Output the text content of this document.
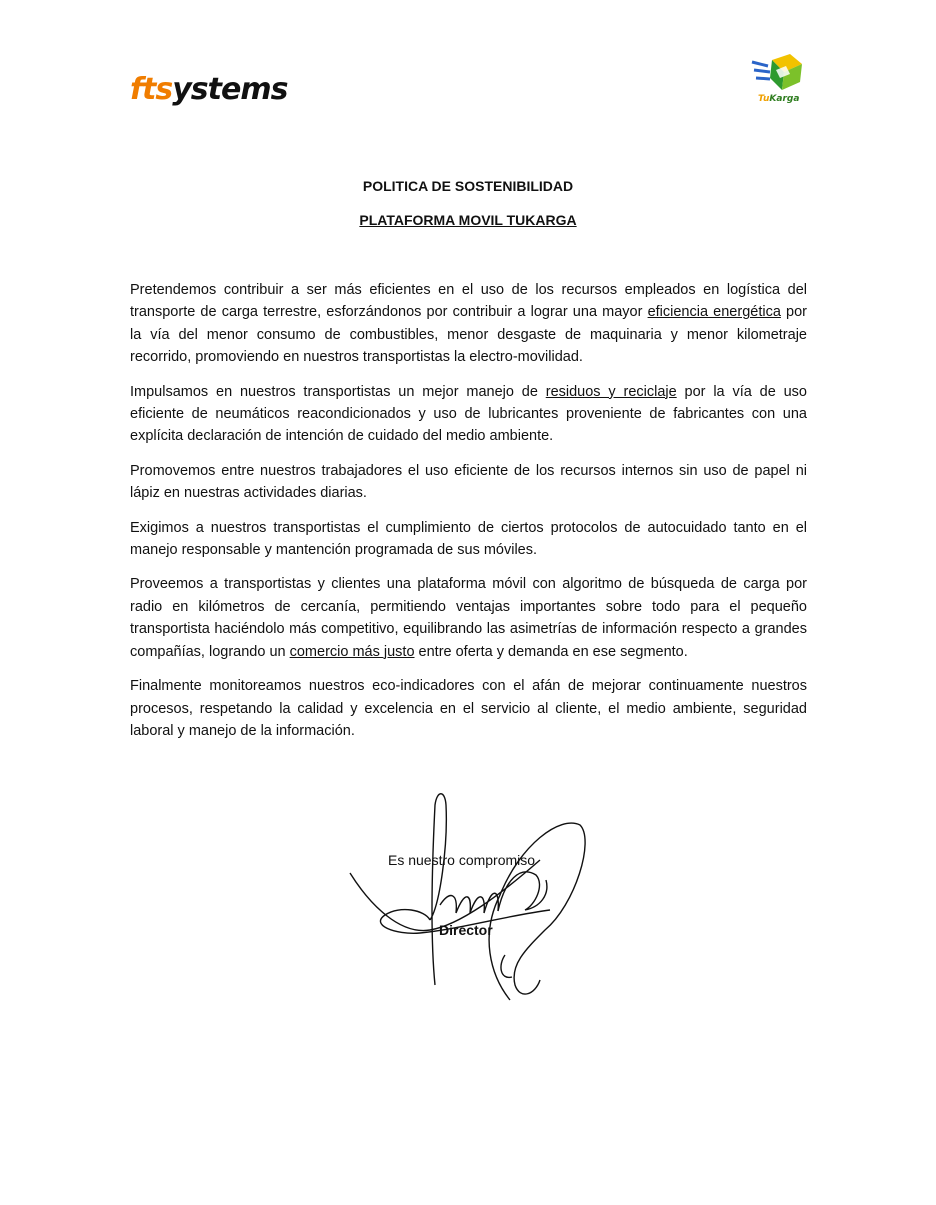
ftsystems	TuKarga
POLITICA DE SOSTENIBILIDAD
PLATAFORMA MOVIL TUKARGA

Pretendemos contribuir a ser más eficientes en el uso de los recursos empleados en logística del transporte de carga terrestre, esforzándonos por contribuir a lograr una mayor eficiencia energética por la vía del menor consumo de combustibles, menor desgaste de maquinaria y menor kilometraje recorrido, promoviendo en nuestros transportistas la electro-movilidad.

Impulsamos en nuestros transportistas un mejor manejo de residuos y reciclaje por la vía de uso eficiente de neumáticos reacondicionados y uso de lubricantes proveniente de fabricantes con una explícita declaración de intención de cuidado del medio ambiente.

Promovemos entre nuestros trabajadores el uso eficiente de los recursos internos sin uso de papel ni lápiz en nuestras actividades diarias.

Exigimos a nuestros transportistas el cumplimiento de ciertos protocolos de autocuidado tanto en el manejo responsable y mantención programada de sus móviles.

Proveemos a transportistas y clientes una plataforma móvil con algoritmo de búsqueda de carga por radio en kilómetros de cercanía, permitiendo ventajas importantes sobre todo para el pequeño transportista haciéndolo más competitivo, equilibrando las asimetrías de información respecto a grandes compañías, logrando un comercio más justo entre oferta y demanda en ese segmento.

Finalmente monitoreamos nuestros eco-indicadores con el afán de mejorar continuamente nuestros procesos, respetando la calidad y excelencia en el servicio al cliente, el medio ambiente, seguridad laboral y manejo de la información.

Es nuestro compromiso
Director
